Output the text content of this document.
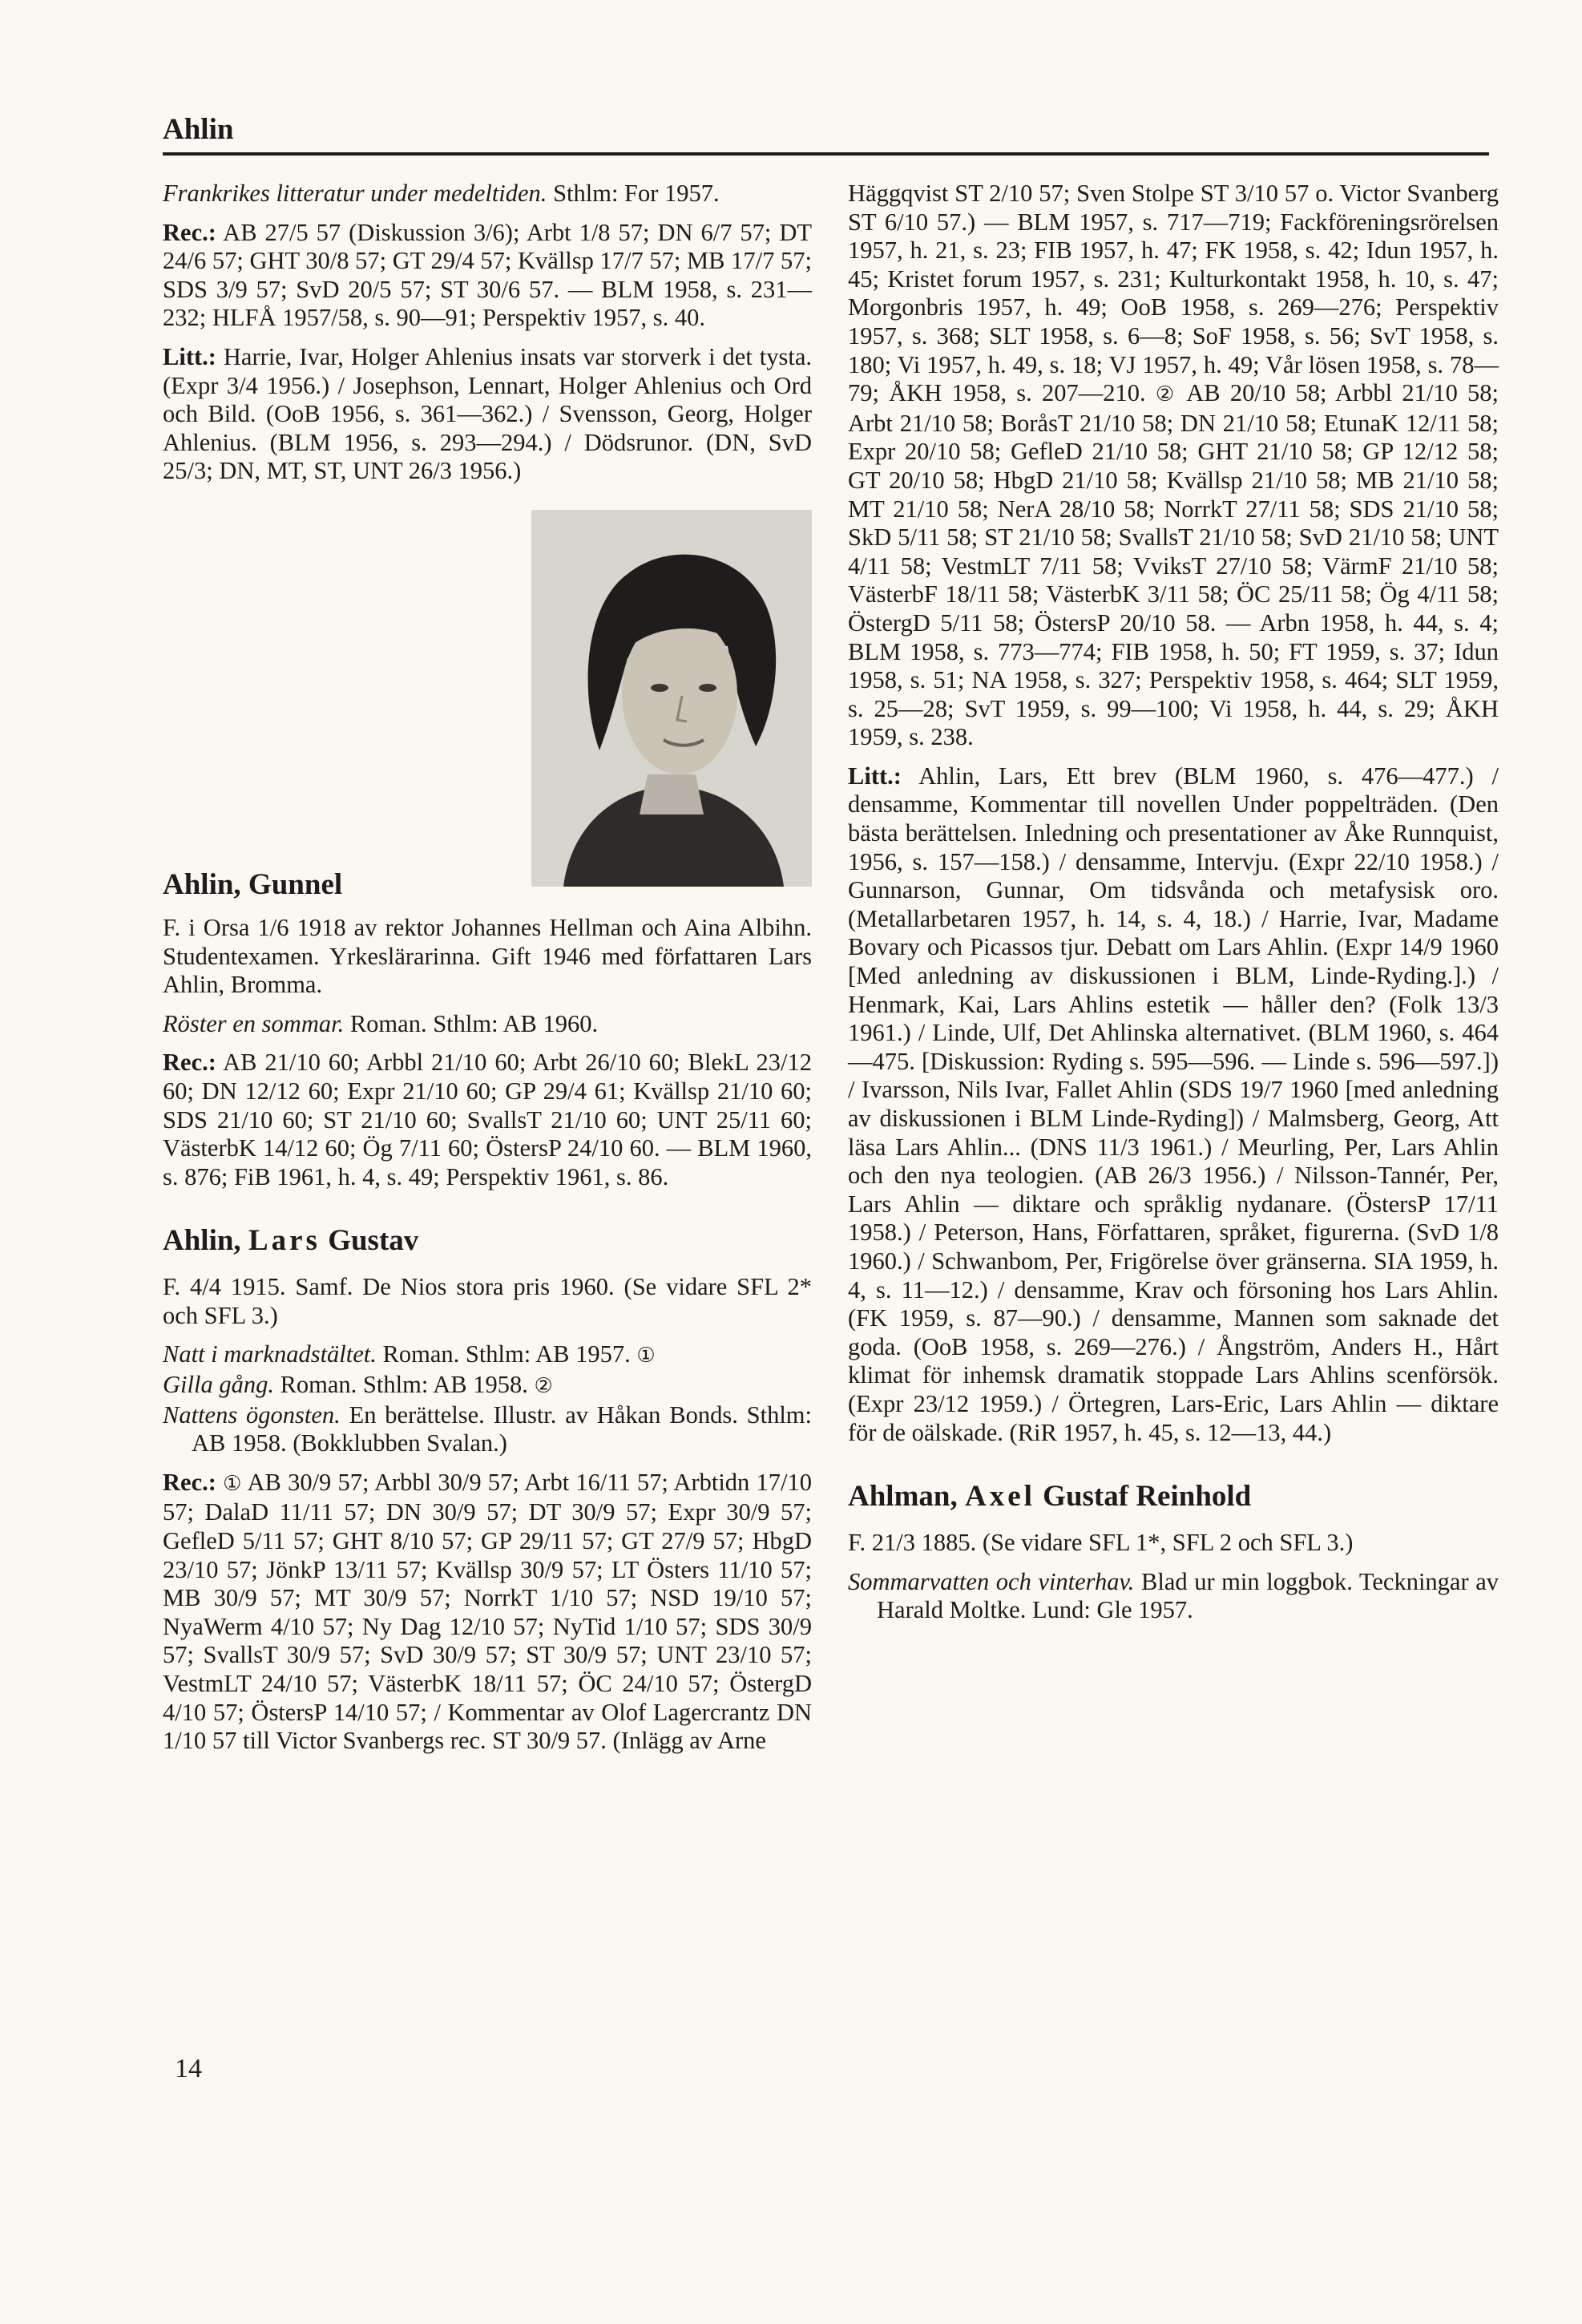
Ahlin

Frankrikes litteratur under medeltiden. Sthlm: For 1957.

Rec.: AB 27/5 57 (Diskussion 3/6); Arbt 1/8 57; DN 6/7 57; DT 24/6 57; GHT 30/8 57; GT 29/4 57; Kvällsp 17/7 57; MB 17/7 57; SDS 3/9 57; SvD 20/5 57; ST 30/6 57. — BLM 1958, s. 231—232; HLFÅ 1957/58, s. 90—91; Perspektiv 1957, s. 40.

Litt.: Harrie, Ivar, Holger Ahlenius insats var storverk i det tysta. (Expr 3/4 1956.) / Josephson, Lennart, Holger Ahlenius och Ord och Bild. (OoB 1956, s. 361—362.) / Svensson, Georg, Holger Ahlenius. (BLM 1956, s. 293—294.) / Dödsrunor. (DN, SvD 25/3; DN, MT, ST, UNT 26/3 1956.)

Ahlin, Gunnel

F. i Orsa 1/6 1918 av rektor Johannes Hellman och Aina Albihn. Studentexamen. Yrkeslärarinna. Gift 1946 med författaren Lars Ahlin, Bromma.

Röster en sommar. Roman. Sthlm: AB 1960.

Rec.: AB 21/10 60; Arbbl 21/10 60; Arbt 26/10 60; BlekL 23/12 60; DN 12/12 60; Expr 21/10 60; GP 29/4 61; Kvällsp 21/10 60; SDS 21/10 60; ST 21/10 60; SvallsT 21/10 60; UNT 25/11 60; VästerbK 14/12 60; Ög 7/11 60; ÖstersP 24/10 60. — BLM 1960, s. 876; FiB 1961, h. 4, s. 49; Perspektiv 1961, s. 86.

Ahlin, Lars Gustav

F. 4/4 1915. Samf. De Nios stora pris 1960. (Se vidare SFL 2* och SFL 3.)

Natt i marknadstältet. Roman. Sthlm: AB 1957. ①

Gilla gång. Roman. Sthlm: AB 1958. ②

Nattens ögonsten. En berättelse. Illustr. av Håkan Bonds. Sthlm: AB 1958. (Bokklubben Svalan.)

Rec.: ① AB 30/9 57; Arbbl 30/9 57; Arbt 16/11 57; Arbtidn 17/10 57; DalaD 11/11 57; DN 30/9 57; DT 30/9 57; Expr 30/9 57; GefleD 5/11 57; GHT 8/10 57; GP 29/11 57; GT 27/9 57; HbgD 23/10 57; JönkP 13/11 57; Kvällsp 30/9 57; LT Östers 11/10 57; MB 30/9 57; MT 30/9 57; NorrkT 1/10 57; NSD 19/10 57; NyaWerm 4/10 57; Ny Dag 12/10 57; NyTid 1/10 57; SDS 30/9 57; SvallsT 30/9 57; SvD 30/9 57; ST 30/9 57; UNT 23/10 57; VestmLT 24/10 57; VästerbK 18/11 57; ÖC 24/10 57; ÖstergD 4/10 57; ÖstersP 14/10 57; / Kommentar av Olof Lagercrantz DN 1/10 57 till Victor Svanbergs rec. ST 30/9 57. (Inlägg av Arne

Häggqvist ST 2/10 57; Sven Stolpe ST 3/10 57 o. Victor Svanberg ST 6/10 57.) — BLM 1957, s. 717—719; Fackföreningsrörelsen 1957, h. 21, s. 23; FIB 1957, h. 47; FK 1958, s. 42; Idun 1957, h. 45; Kristet forum 1957, s. 231; Kulturkontakt 1958, h. 10, s. 47; Morgonbris 1957, h. 49; OoB 1958, s. 269—276; Perspektiv 1957, s. 368; SLT 1958, s. 6—8; SoF 1958, s. 56; SvT 1958, s. 180; Vi 1957, h. 49, s. 18; VJ 1957, h. 49; Vår lösen 1958, s. 78—79; ÅKH 1958, s. 207—210. ② AB 20/10 58; Arbbl 21/10 58; Arbt 21/10 58; BoråsT 21/10 58; DN 21/10 58; EtunaK 12/11 58; Expr 20/10 58; GefleD 21/10 58; GHT 21/10 58; GP 12/12 58; GT 20/10 58; HbgD 21/10 58; Kvällsp 21/10 58; MB 21/10 58; MT 21/10 58; NerA 28/10 58; NorrkT 27/11 58; SDS 21/10 58; SkD 5/11 58; ST 21/10 58; SvallsT 21/10 58; SvD 21/10 58; UNT 4/11 58; VestmLT 7/11 58; VviksT 27/10 58; VärmF 21/10 58; VästerbF 18/11 58; VästerbK 3/11 58; ÖC 25/11 58; Ög 4/11 58; ÖstergD 5/11 58; ÖstersP 20/10 58. — Arbn 1958, h. 44, s. 4; BLM 1958, s. 773—774; FIB 1958, h. 50; FT 1959, s. 37; Idun 1958, s. 51; NA 1958, s. 327; Perspektiv 1958, s. 464; SLT 1959, s. 25—28; SvT 1959, s. 99—100; Vi 1958, h. 44, s. 29; ÅKH 1959, s. 238.

Litt.: Ahlin, Lars, Ett brev (BLM 1960, s. 476—477.) / densamme, Kommentar till novellen Under poppelträden. (Den bästa berättelsen. Inledning och presentationer av Åke Runnquist, 1956, s. 157—158.) / densamme, Intervju. (Expr 22/10 1958.) / Gunnarson, Gunnar, Om tidsvånda och metafysisk oro. (Metallarbetaren 1957, h. 14, s. 4, 18.) / Harrie, Ivar, Madame Bovary och Picassos tjur. Debatt om Lars Ahlin. (Expr 14/9 1960 [Med anledning av diskussionen i BLM, Linde-Ryding.].) / Henmark, Kai, Lars Ahlins estetik — håller den? (Folk 13/3 1961.) / Linde, Ulf, Det Ahlinska alternativet. (BLM 1960, s. 464—475. [Diskussion: Ryding s. 595—596. — Linde s. 596—597.]) / Ivarsson, Nils Ivar, Fallet Ahlin (SDS 19/7 1960 [med anledning av diskussionen i BLM Linde-Ryding]) / Malmsberg, Georg, Att läsa Lars Ahlin... (DNS 11/3 1961.) / Meurling, Per, Lars Ahlin och den nya teologien. (AB 26/3 1956.) / Nilsson-Tannér, Per, Lars Ahlin — diktare och språklig nydanare. (ÖstersP 17/11 1958.) / Peterson, Hans, Författaren, språket, figurerna. (SvD 1/8 1960.) / Schwanbom, Per, Frigörelse över gränserna. SIA 1959, h. 4, s. 11—12.) / densamme, Krav och försoning hos Lars Ahlin. (FK 1959, s. 87—90.) / densamme, Mannen som saknade det goda. (OoB 1958, s. 269—276.) / Ångström, Anders H., Hårt klimat för inhemsk dramatik stoppade Lars Ahlins scenförsök. (Expr 23/12 1959.) / Örtegren, Lars-Eric, Lars Ahlin — diktare för de oälskade. (RiR 1957, h. 45, s. 12—13, 44.)

Ahlman, Axel Gustaf Reinhold

F. 21/3 1885. (Se vidare SFL 1*, SFL 2 och SFL 3.)

Sommarvatten och vinterhav. Blad ur min loggbok. Teckningar av Harald Moltke. Lund: Gle 1957.

14
